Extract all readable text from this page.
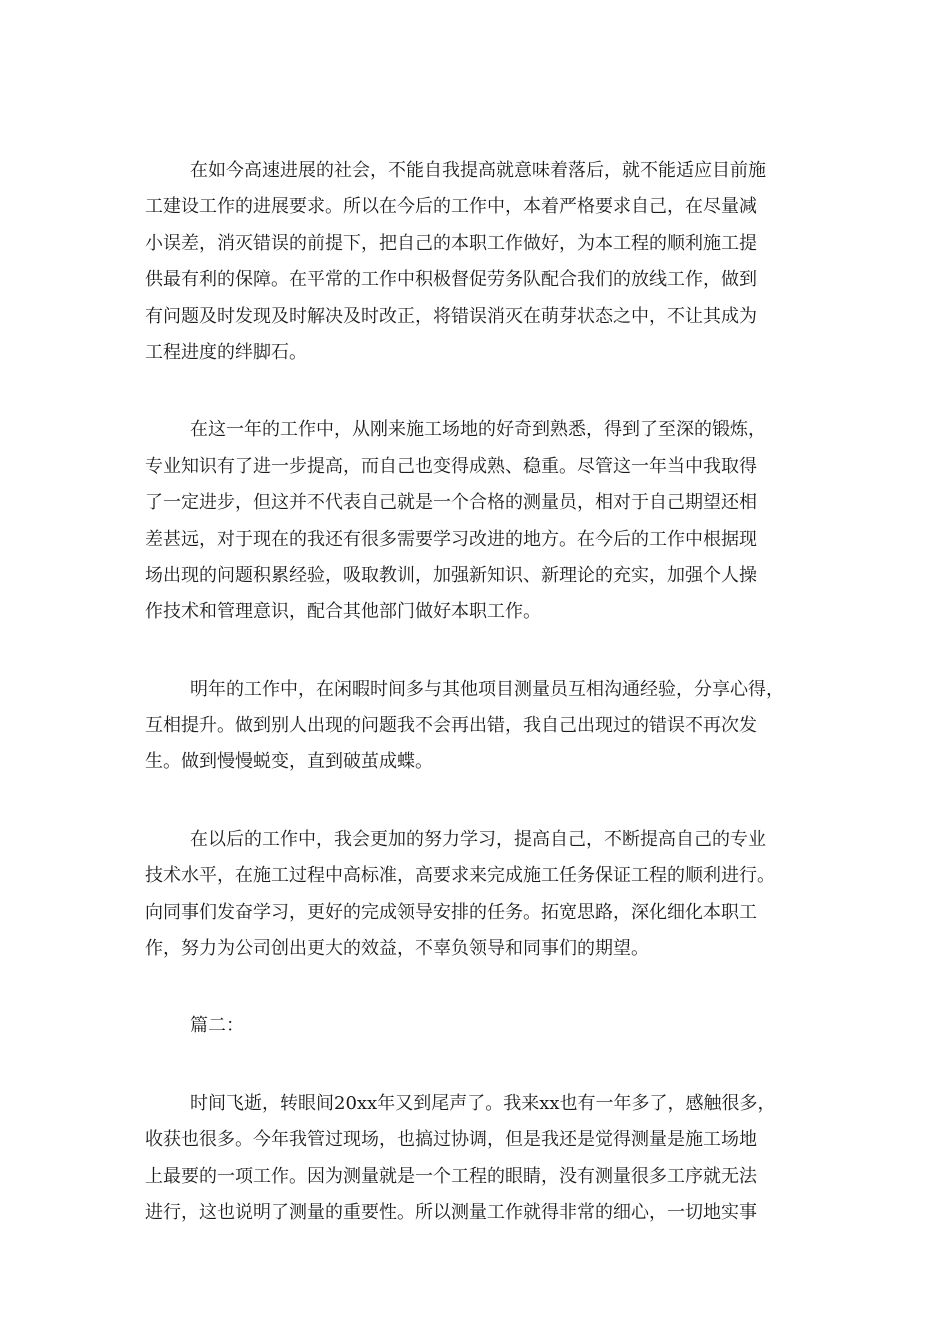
在如今高速进展的社会，不能自我提高就意味着落后，就不能适应目前施
工建设工作的进展要求。所以在今后的工作中，本着严格要求自己，在尽量减
小误差，消灭错误的前提下，把自己的本职工作做好，为本工程的顺利施工提
供最有利的保障。在平常的工作中积极督促劳务队配合我们的放线工作，做到
有问题及时发现及时解决及时改正，将错误消灭在萌芽状态之中，不让其成为
工程进度的绊脚石。
在这一年的工作中，从刚来施工场地的好奇到熟悉，得到了至深的锻炼，
专业知识有了进一步提高，而自己也变得成熟、稳重。尽管这一年当中我取得
了一定进步，但这并不代表自己就是一个合格的测量员，相对于自己期望还相
差甚远，对于现在的我还有很多需要学习改进的地方。在今后的工作中根据现
场出现的问题积累经验，吸取教训，加强新知识、新理论的充实，加强个人操
作技术和管理意识，配合其他部门做好本职工作。
明年的工作中，在闲暇时间多与其他项目测量员互相沟通经验，分享心得，
互相提升。做到别人出现的问题我不会再出错，我自己出现过的错误不再次发
生。做到慢慢蜕变，直到破茧成蝶。
在以后的工作中，我会更加的努力学习，提高自己，不断提高自己的专业
技术水平，在施工过程中高标准，高要求来完成施工任务保证工程的顺利进行。
向同事们发奋学习，更好的完成领导安排的任务。拓宽思路，深化细化本职工
作，努力为公司创出更大的效益，不辜负领导和同事们的期望。
篇二：
时间飞逝，转眼间20xx年又到尾声了。我来xx也有一年多了，感触很多，
收获也很多。今年我管过现场，也搞过协调，但是我还是觉得测量是施工场地
上最要的一项工作。因为测量就是一个工程的眼睛，没有测量很多工序就无法
进行，这也说明了测量的重要性。所以测量工作就得非常的细心，一切地实事
